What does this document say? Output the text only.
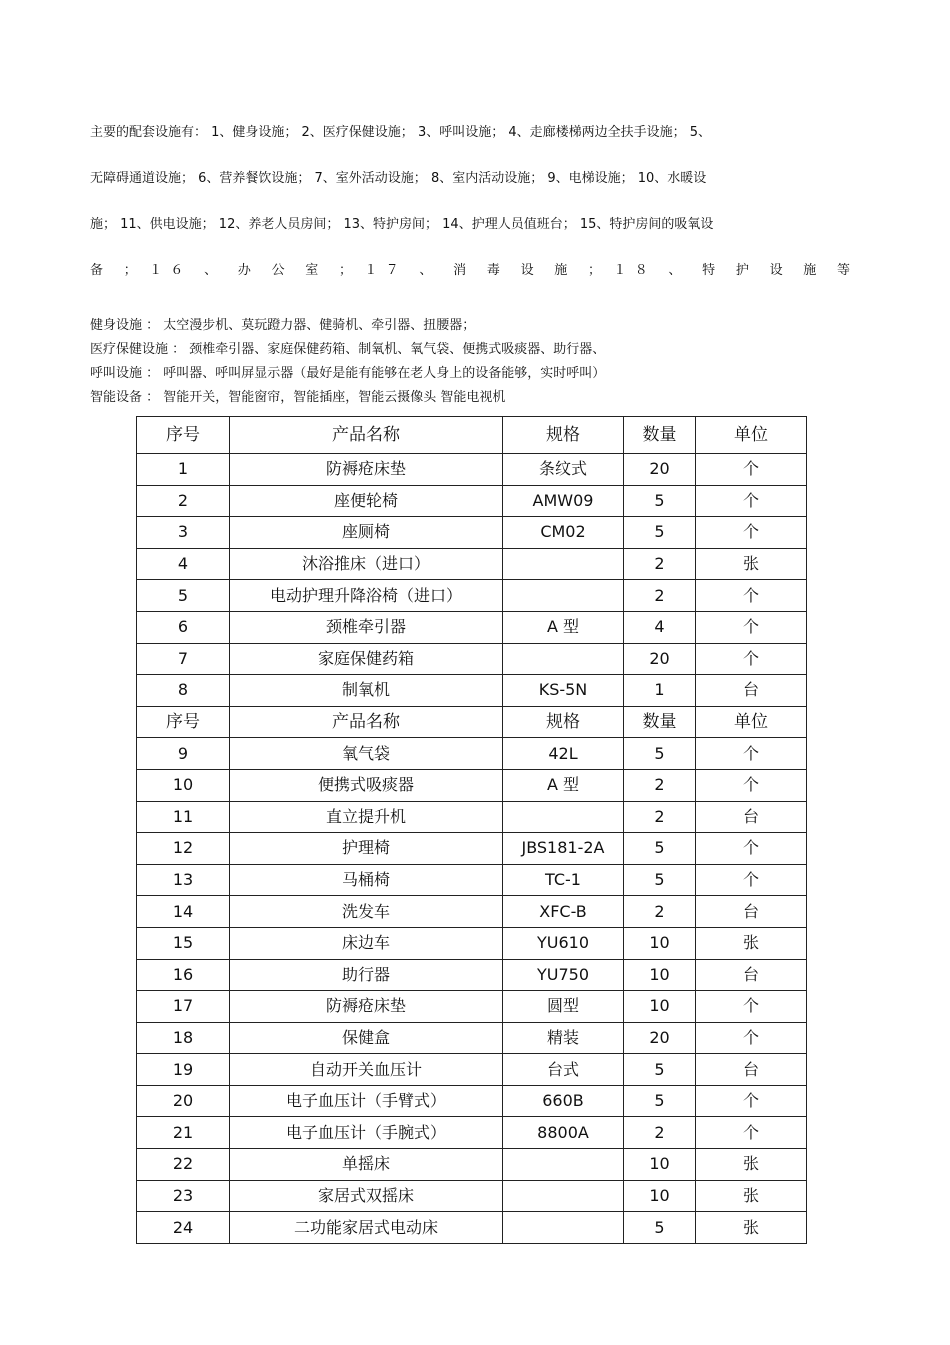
主要的配套设施有： 1、健身设施； 2、医疗保健设施； 3、呼叫设施； 4、走廊楼梯两边全扶手设施； 5、

无障碍通道设施； 6、营养餐饮设施； 7、室外活动设施； 8、室内活动设施； 9、电梯设施； 10、水暖设

施； 11、供电设施； 12、养老人员房间； 13、特护房间； 14、护理人员值班台； 15、特护房间的吸氧设

备 ； １６ 、 办 公 室 ； １７ 、 消 毒 设 施 ； １８ 、 特 护 设 施 等

健身设施 ： 太空漫步机、莫玩蹬力器、健骑机、牵引器、扭腰器；
医疗保健设施 ： 颈椎牵引器、家庭保健药箱、制氧机、氧气袋、便携式吸痰器、助行器、
呼叫设施 ： 呼叫器、呼叫屏显示器（最好是能有能够在老人身上的设备能够，实时呼叫）
智能设备 ： 智能开关，智能窗帘，智能插座，智能云摄像头 智能电视机
序号	产品名称	规格	数量	单位
1	防褥疮床垫	条纹式	20	个
2	座便轮椅	AMW09	5	个
3	座厕椅	CM02	5	个
4	沐浴推床（进口）		2	张
5	电动护理升降浴椅（进口）		2	个
6	颈椎牵引器	A 型	4	个
7	家庭保健药箱		20	个
8	制氧机	KS-5N	1	台
序号	产品名称	规格	数量	单位
9	氧气袋	42L	5	个
10	便携式吸痰器	A 型	2	个
11	直立提升机		2	台
12	护理椅	JBS181-2A	5	个
13	马桶椅	TC-1	5	个
14	洗发车	XFC-B	2	台
15	床边车	YU610	10	张
16	助行器	YU750	10	台
17	防褥疮床垫	圆型	10	个
18	保健盒	精装	20	个
19	自动开关血压计	台式	5	台
20	电子血压计（手臂式）	660B	5	个
21	电子血压计（手腕式）	8800A	2	个
22	单摇床		10	张
23	家居式双摇床		10	张
24	二功能家居式电动床		5	张
